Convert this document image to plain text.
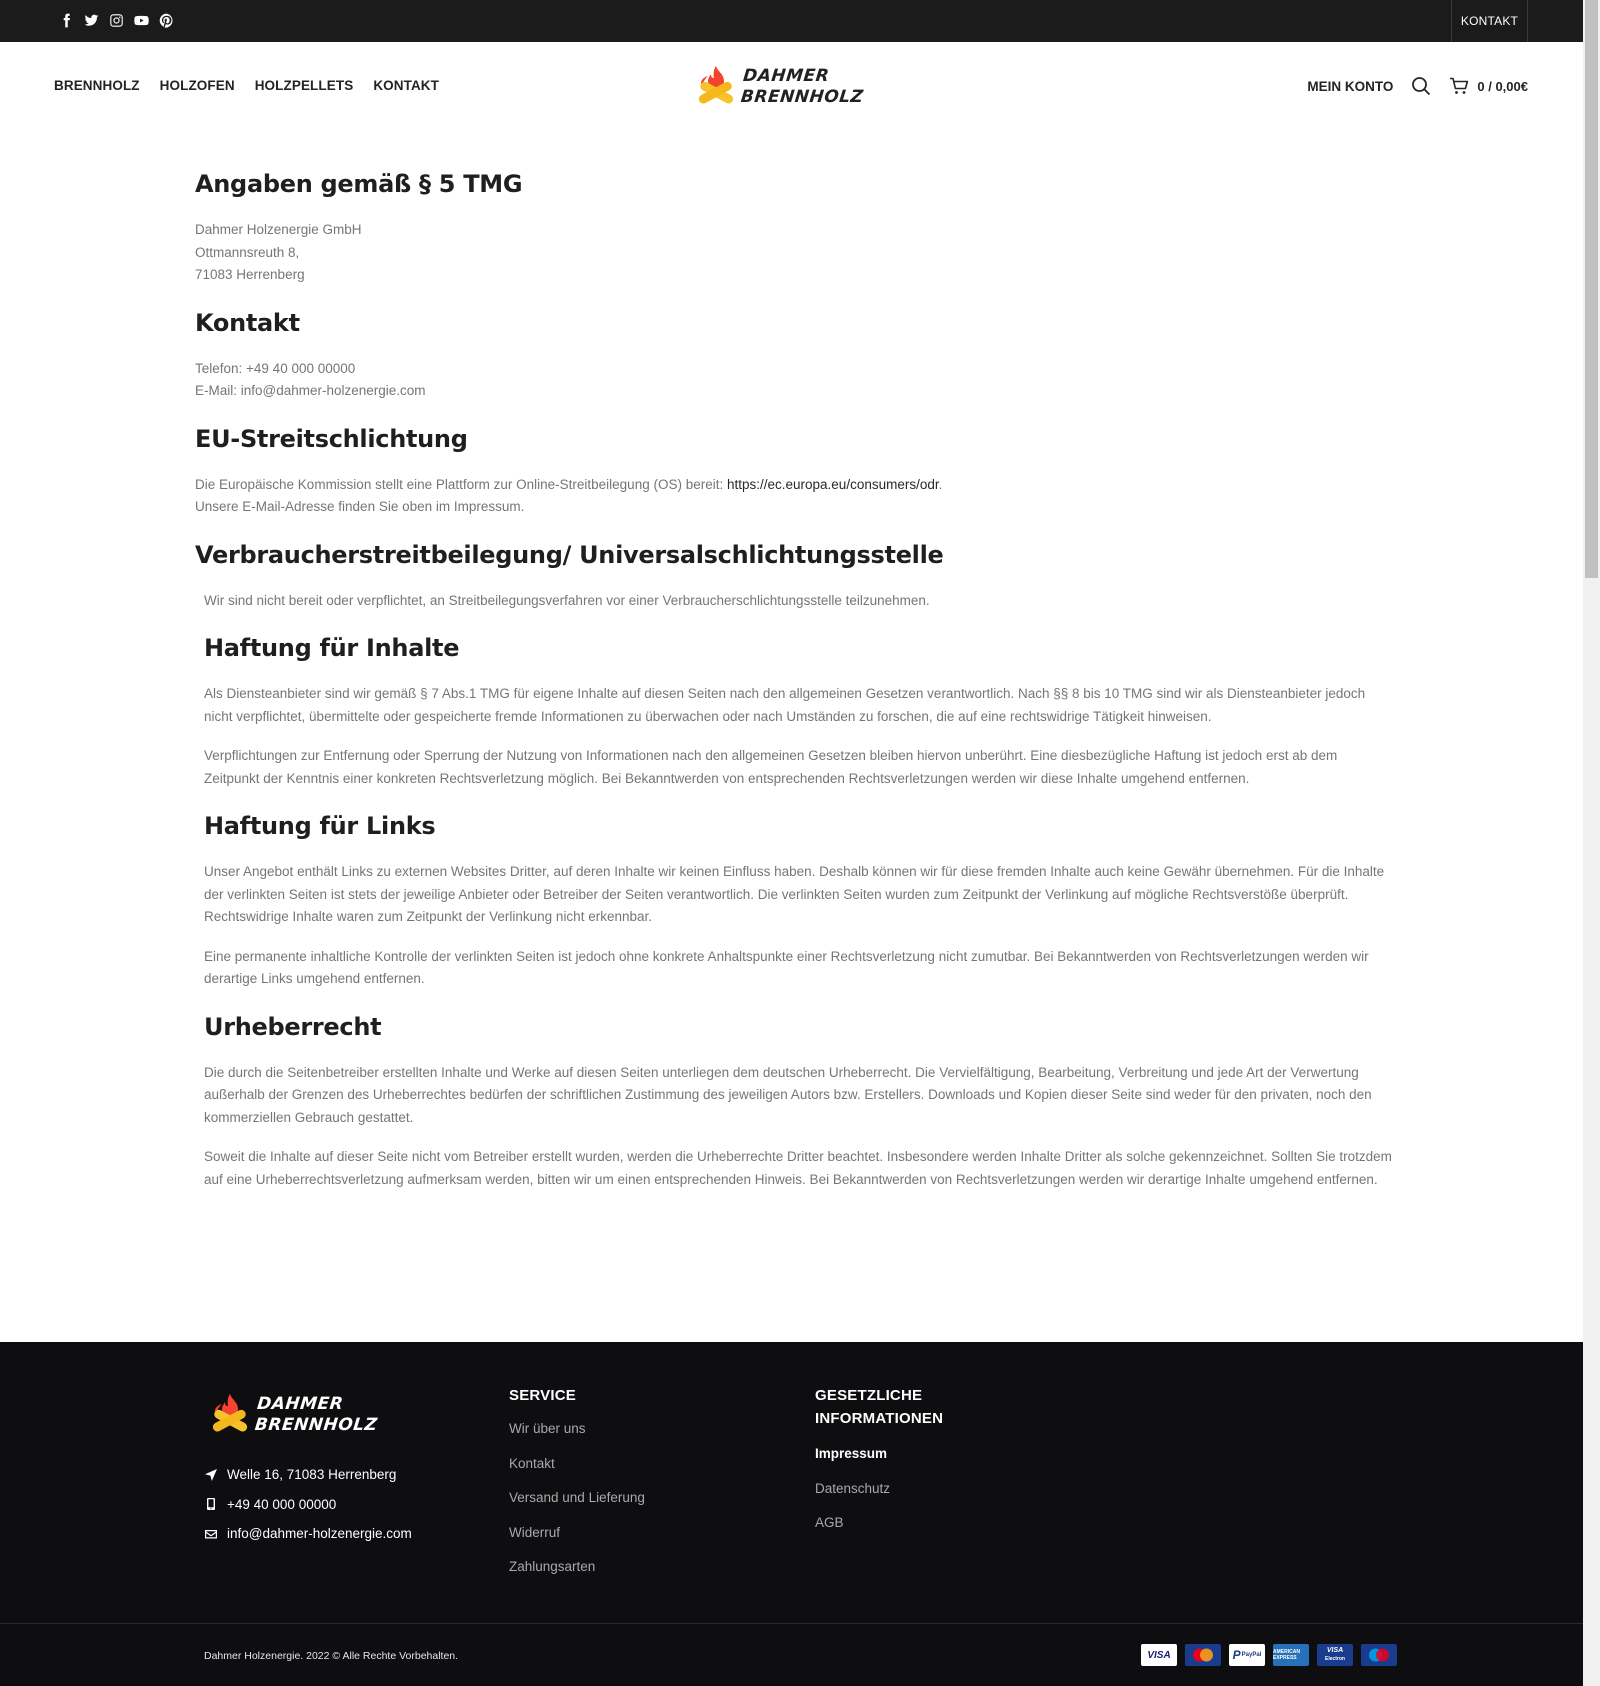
KONTAKT
BRENNHOLZ HOLZOFEN HOLZPELLETS KONTAKT	DAHMER
BRENNHOLZ
MEIN KONTO	0 / 0,00€
Angaben gemäß § 5 TMG

Dahmer Holzenergie GmbH
Ottmannsreuth 8,
71083 Herrenberg

Kontakt

Telefon: +49 40 000 00000
E-Mail: info@dahmer-holzenergie.com

EU-Streitschlichtung

Die Europäische Kommission stellt eine Plattform zur Online-Streitbeilegung (OS) bereit: https://ec.europa.eu/consumers/odr.
Unsere E-Mail-Adresse finden Sie oben im Impressum.

Verbraucherstreitbeilegung/ Universalschlichtungsstelle

Wir sind nicht bereit oder verpflichtet, an Streitbeilegungsverfahren vor einer Verbraucherschlichtungsstelle teilzunehmen.

Haftung für Inhalte

Als Diensteanbieter sind wir gemäß § 7 Abs.1 TMG für eigene Inhalte auf diesen Seiten nach den allgemeinen Gesetzen verantwortlich. Nach §§ 8 bis 10 TMG sind wir als Diensteanbieter jedoch nicht verpflichtet, übermittelte oder gespeicherte fremde Informationen zu überwachen oder nach Umständen zu forschen, die auf eine rechtswidrige Tätigkeit hinweisen.

Verpflichtungen zur Entfernung oder Sperrung der Nutzung von Informationen nach den allgemeinen Gesetzen bleiben hiervon unberührt. Eine diesbezügliche Haftung ist jedoch erst ab dem Zeitpunkt der Kenntnis einer konkreten Rechtsverletzung möglich. Bei Bekanntwerden von entsprechenden Rechtsverletzungen werden wir diese Inhalte umgehend entfernen.

Haftung für Links

Unser Angebot enthält Links zu externen Websites Dritter, auf deren Inhalte wir keinen Einfluss haben. Deshalb können wir für diese fremden Inhalte auch keine Gewähr übernehmen. Für die Inhalte der verlinkten Seiten ist stets der jeweilige Anbieter oder Betreiber der Seiten verantwortlich. Die verlinkten Seiten wurden zum Zeitpunkt der Verlinkung auf mögliche Rechtsverstöße überprüft. Rechtswidrige Inhalte waren zum Zeitpunkt der Verlinkung nicht erkennbar.

Eine permanente inhaltliche Kontrolle der verlinkten Seiten ist jedoch ohne konkrete Anhaltspunkte einer Rechtsverletzung nicht zumutbar. Bei Bekanntwerden von Rechtsverletzungen werden wir derartige Links umgehend entfernen.

Urheberrecht

Die durch die Seitenbetreiber erstellten Inhalte und Werke auf diesen Seiten unterliegen dem deutschen Urheberrecht. Die Vervielfältigung, Bearbeitung, Verbreitung und jede Art der Verwertung außerhalb der Grenzen des Urheberrechtes bedürfen der schriftlichen Zustimmung des jeweiligen Autors bzw. Erstellers. Downloads und Kopien dieser Seite sind weder für den privaten, noch den kommerziellen Gebrauch gestattet.

Soweit die Inhalte auf dieser Seite nicht vom Betreiber erstellt wurden, werden die Urheberrechte Dritter beachtet. Insbesondere werden Inhalte Dritter als solche gekennzeichnet. Sollten Sie trotzdem auf eine Urheberrechtsverletzung aufmerksam werden, bitten wir um einen entsprechenden Hinweis. Bei Bekanntwerden von Rechtsverletzungen werden wir derartige Inhalte umgehend entfernen.

DAHMER
BRENNHOLZ
Welle 16, 71083 Herrenberg
+49 40 000 00000
info@dahmer-holzenergie.com
SERVICE
Wir über uns
Kontakt
Versand und Lieferung
Widerruf
Zahlungsarten
GESETZLICHE
INFORMATIONEN
Impressum
Datenschutz
AGB
Dahmer Holzenergie. 2022 © Alle Rechte Vorbehalten.	VISA	P PayPal AMERICAN EXPRESS
VISA
Electron
